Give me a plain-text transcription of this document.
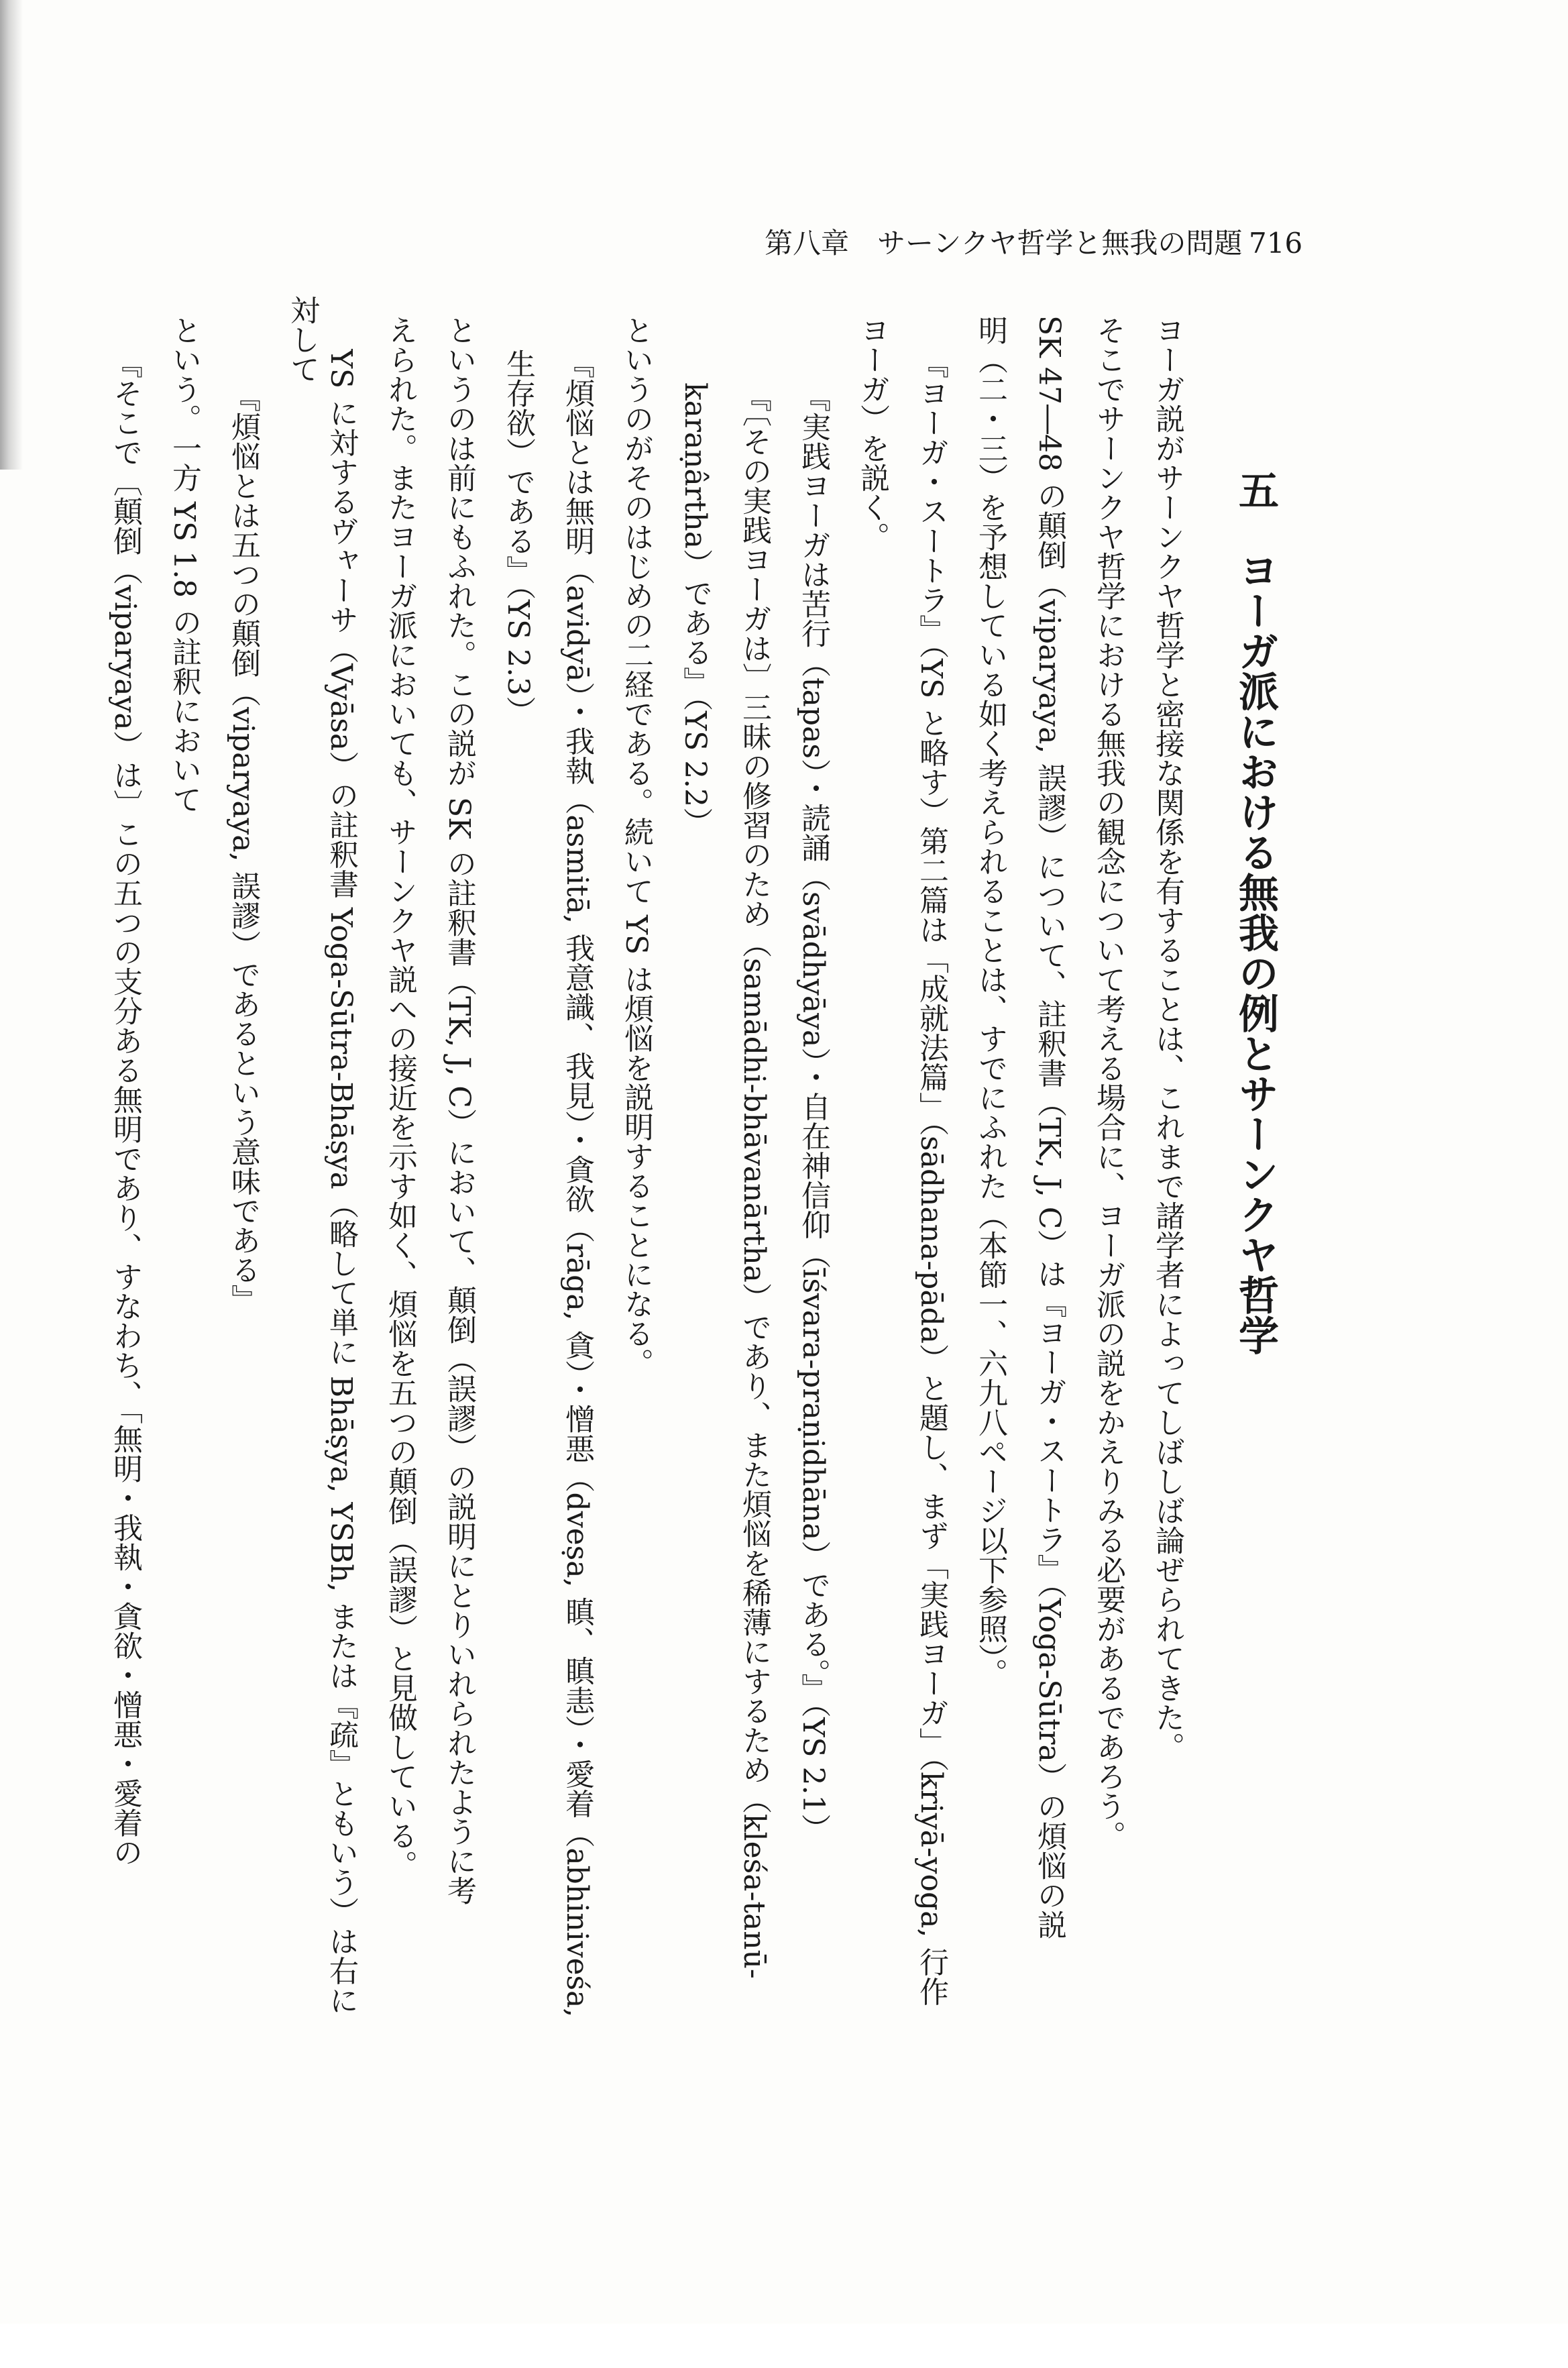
第八章　サーンクヤ哲学と無我の問題 716
五　ヨーガ派における無我の例とサーンクヤ哲学
ヨーガ説がサーンクヤ哲学と密接な関係を有することは、これまで諸学者によってしばしば論ぜられてきた。
そこでサーンクヤ哲学における無我の観念について考える場合に、ヨーガ派の説をかえりみる必要があるであろう。
SK 47―48 の顛倒（viparyaya, 誤謬）について、註釈書（TK, J, C）は『ヨーガ・スートラ』（Yoga-Sūtra）の煩悩の説
明（二・三）を予想している如く考えられることは、すでにふれた（本節一、六九八ページ以下参照）。
『ヨーガ・スートラ』（YS と略す）第二篇は「成就法篇」（sādhana-pāda）と題し、まず「実践ヨーガ」（kriyā-yoga, 行作
ヨーガ）を説く。
『実践ヨーガは苦行（tapas）・読誦（svādhyāya）・自在神信仰（īśvara-praṇidhāna）である。』（YS 2.1）
『〔その実践ヨーガは〕三昧の修習のため（samādhi-bhāvanārtha）であり、また煩悩を稀薄にするため（kleśa-tanū-
karaṇârtha）である』（YS 2.2）
というのがそのはじめの二経である。続いて YS は煩悩を説明することになる。
『煩悩とは無明（avidyā）・我執（asmitā, 我意識、我見）・貪欲（rāga, 貪）・憎悪（dveṣa, 瞋、瞋恚）・愛着（abhiniveśa,
生存欲）である』（YS 2.3）
というのは前にもふれた。この説が SK の註釈書（TK, J, C）において、顛倒（誤謬）の説明にとりいれられたように考
えられた。またヨーガ派においても、サーンクヤ説への接近を示す如く、煩悩を五つの顛倒（誤謬）と見做している。
YS に対するヴャーサ（Vyāsa）の註釈書 Yoga-Sūtra-Bhāṣya（略して単に Bhāṣya, YSBh, または『疏』ともいう）は右に
対して
『煩悩とは五つの顛倒（viparyaya, 誤謬）であるという意味である』
という。一方 YS 1.8 の註釈において
『そこで〔顛倒（viparyaya）は〕この五つの支分ある無明であり、すなわち、「無明・我執・貪欲・憎悪・愛着の
